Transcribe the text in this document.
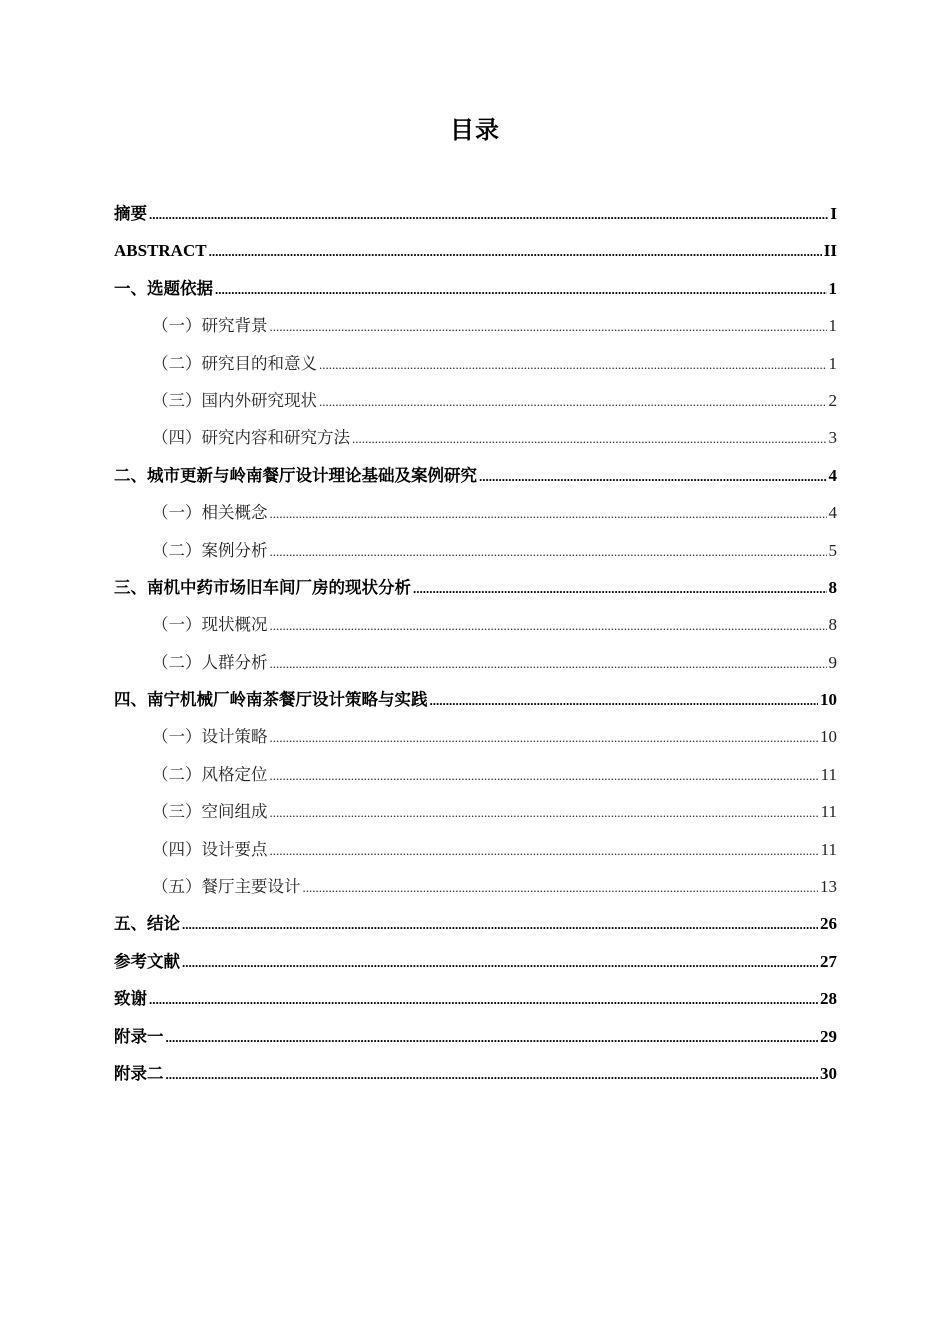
目录
摘要 .....	I
ABSTRACT .....	II
一、选题依据 .....	1
（一）研究背景 .....	1
（二）研究目的和意义 .....	1
（三）国内外研究现状 .....	2
（四）研究内容和研究方法 .....	3
二、城市更新与岭南餐厅设计理论基础及案例研究 .....	4
（一）相关概念 .....	4
（二）案例分析 .....	5
三、南机中药市场旧车间厂房的现状分析 .....	8
（一）现状概况 .....	8
（二）人群分析 .....	9
四、南宁机械厂岭南茶餐厅设计策略与实践 .....	10
（一）设计策略 .....	10
（二）风格定位 .....	11
（三）空间组成 .....	11
（四）设计要点 .....	11
（五）餐厅主要设计 .....	13
五、结论 .....	26
参考文献 .....	27
致谢 .....	28
附录一 .....	29
附录二 .....	30
